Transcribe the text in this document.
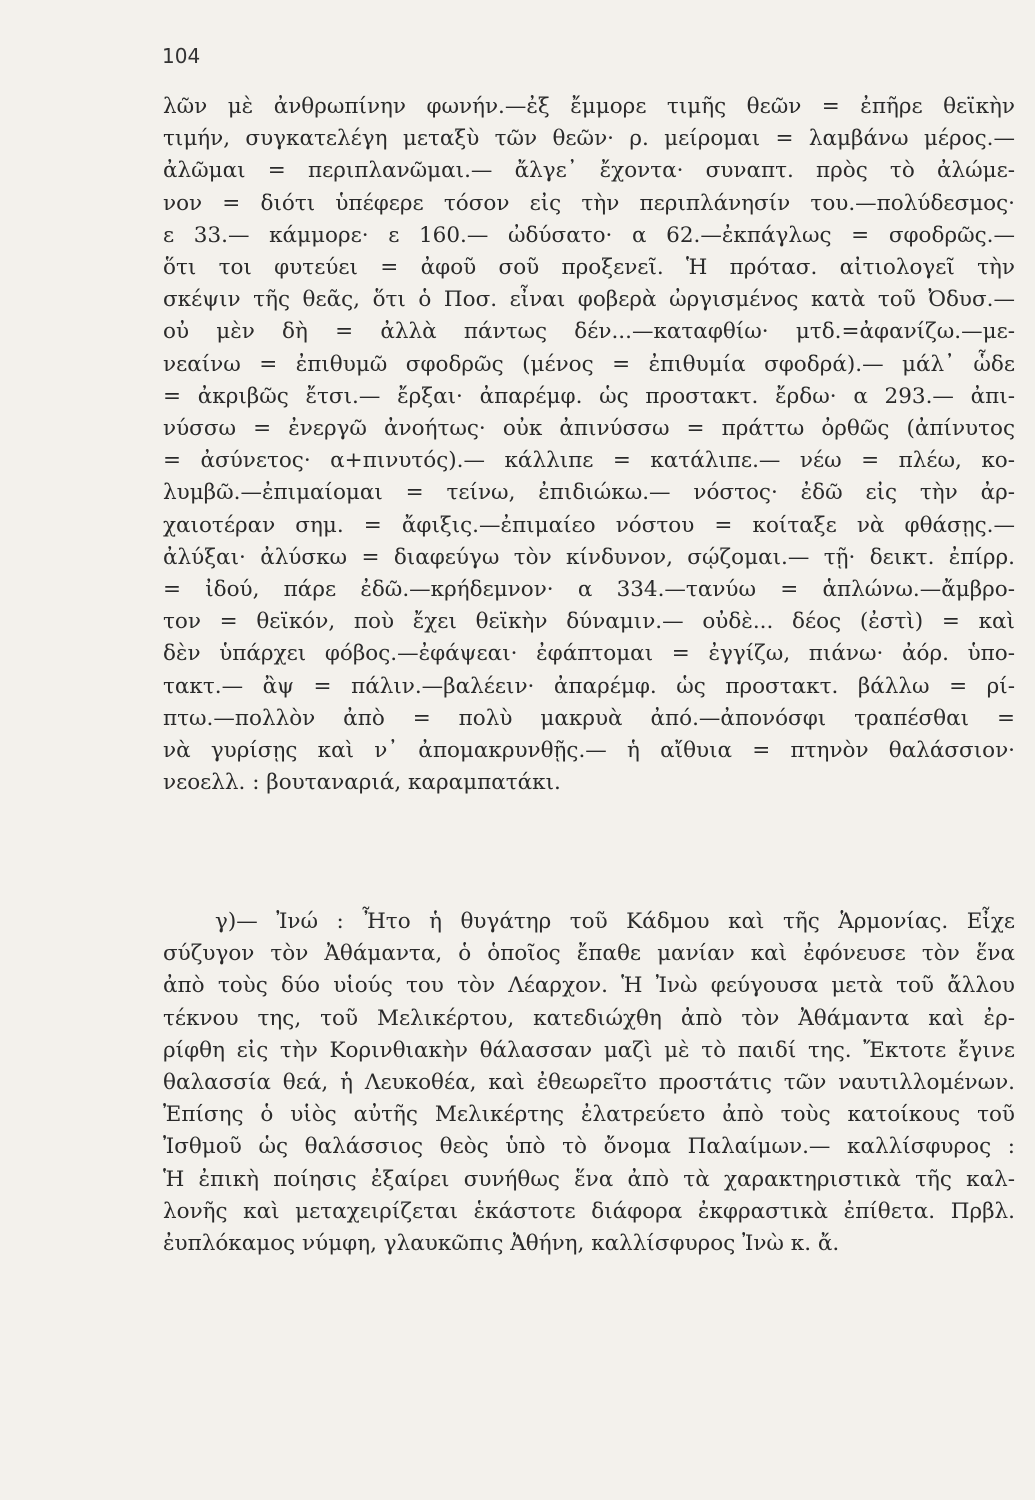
104
λῶν μὲ ἀνθρωπίνην φωνήν.—ἐξ ἔμμορε τιμῆς θεῶν = ἐπῆρε θεϊκὴν
τιμήν, συγκατελέγη μεταξὺ τῶν θεῶν· ρ. μείρομαι = λαμβάνω μέρος.—
ἀλῶμαι = περιπλανῶμαι.— ἄλγε᾽ ἔχοντα· συναπτ. πρὸς τὸ ἀλώμε-
νον = διότι ὑπέφερε τόσον εἰς τὴν περιπλάνησίν του.—πολύδεσμος·
ε 33.— κάμμορε· ε 160.— ὠδύσατο· α 62.—ἐκπάγλως = σφοδρῶς.—
ὅτι τοι φυτεύει = ἀφοῦ σοῦ προξενεῖ. Ἡ πρότασ. αἰτιολογεῖ τὴν
σκέψιν τῆς θεᾶς, ὅτι ὁ Ποσ. εἶναι φοβερὰ ὠργισμένος κατὰ τοῦ Ὀδυσ.—
οὐ μὲν δὴ = ἀλλὰ πάντως δέν...—καταφθίω· μτδ.=ἀφανίζω.—με-
νεαίνω = ἐπιθυμῶ σφοδρῶς (μένος = ἐπιθυμία σφοδρά).— μάλ᾽ ὧδε
= ἀκριβῶς ἔτσι.— ἔρξαι· ἀπαρέμφ. ὡς προστακτ. ἔρδω· α 293.— ἀπι-
νύσσω = ἐνεργῶ ἀνοήτως· οὐκ ἀπινύσσω = πράττω ὀρθῶς (ἀπίνυτος
= ἀσύνετος· α+πινυτός).— κάλλιπε = κατάλιπε.— νέω = πλέω, κο-
λυμβῶ.—ἐπιμαίομαι = τείνω, ἐπιδιώκω.— νόστος· ἐδῶ εἰς τὴν ἀρ-
χαιοτέραν σημ. = ἄφιξις.—ἐπιμαίεο νόστου = κοίταξε νὰ φθάσῃς.—
ἀλύξαι· ἀλύσκω = διαφεύγω τὸν κίνδυνον, σῴζομαι.— τῇ· δεικτ. ἐπίρρ.
= ἰδού, πάρε ἐδῶ.—κρήδεμνον· α 334.—τανύω = ἁπλώνω.—ἄμβρο-
τον = θεϊκόν, ποὺ ἔχει θεϊκὴν δύναμιν.— οὐδὲ... δέος (ἐστὶ) = καὶ
δὲν ὑπάρχει φόβος.—ἐφάψεαι· ἐφάπτομαι = ἐγγίζω, πιάνω· ἀόρ. ὑπο-
τακτ.— ἂψ = πάλιν.—βαλέειν· ἀπαρέμφ. ὡς προστακτ. βάλλω = ρί-
πτω.—πολλὸν ἀπὸ = πολὺ μακρυὰ ἀπό.—ἀπονόσφι τραπέσθαι =
νὰ γυρίσῃς καὶ ν᾽ ἀπομακρυνθῇς.— ἡ αἴθυια = πτηνὸν θαλάσσιον·
νεοελλ. : βουταναριά, καραμπατάκι.
γ)— Ἰνώ : Ἦτο ἡ θυγάτηρ τοῦ Κάδμου καὶ τῆς Ἁρμονίας. Εἶχε
σύζυγον τὸν Ἀθάμαντα, ὁ ὁποῖος ἔπαθε μανίαν καὶ ἐφόνευσε τὸν ἕνα
ἀπὸ τοὺς δύο υἱούς του τὸν Λέαρχον. Ἡ Ἰνὼ φεύγουσα μετὰ τοῦ ἄλλου
τέκνου της, τοῦ Μελικέρτου, κατεδιώχθη ἀπὸ τὸν Ἀθάμαντα καὶ ἐρ-
ρίφθη εἰς τὴν Κορινθιακὴν θάλασσαν μαζὶ μὲ τὸ παιδί της. Ἔκτοτε ἔγινε
θαλασσία θεά, ἡ Λευκοθέα, καὶ ἐθεωρεῖτο προστάτις τῶν ναυτιλλομένων.
Ἐπίσης ὁ υἱὸς αὐτῆς Μελικέρτης ἐλατρεύετο ἀπὸ τοὺς κατοίκους τοῦ
Ἰσθμοῦ ὡς θαλάσσιος θεὸς ὑπὸ τὸ ὄνομα Παλαίμων.— καλλίσφυρος :
Ἡ ἐπικὴ ποίησις ἐξαίρει συνήθως ἕνα ἀπὸ τὰ χαρακτηριστικὰ τῆς καλ-
λονῆς καὶ μεταχειρίζεται ἑκάστοτε διάφορα ἐκφραστικὰ ἐπίθετα. Πρβλ.
ἐυπλόκαμος νύμφη, γλαυκῶπις Ἀθήνη, καλλίσφυρος Ἰνὼ κ. ἄ.
